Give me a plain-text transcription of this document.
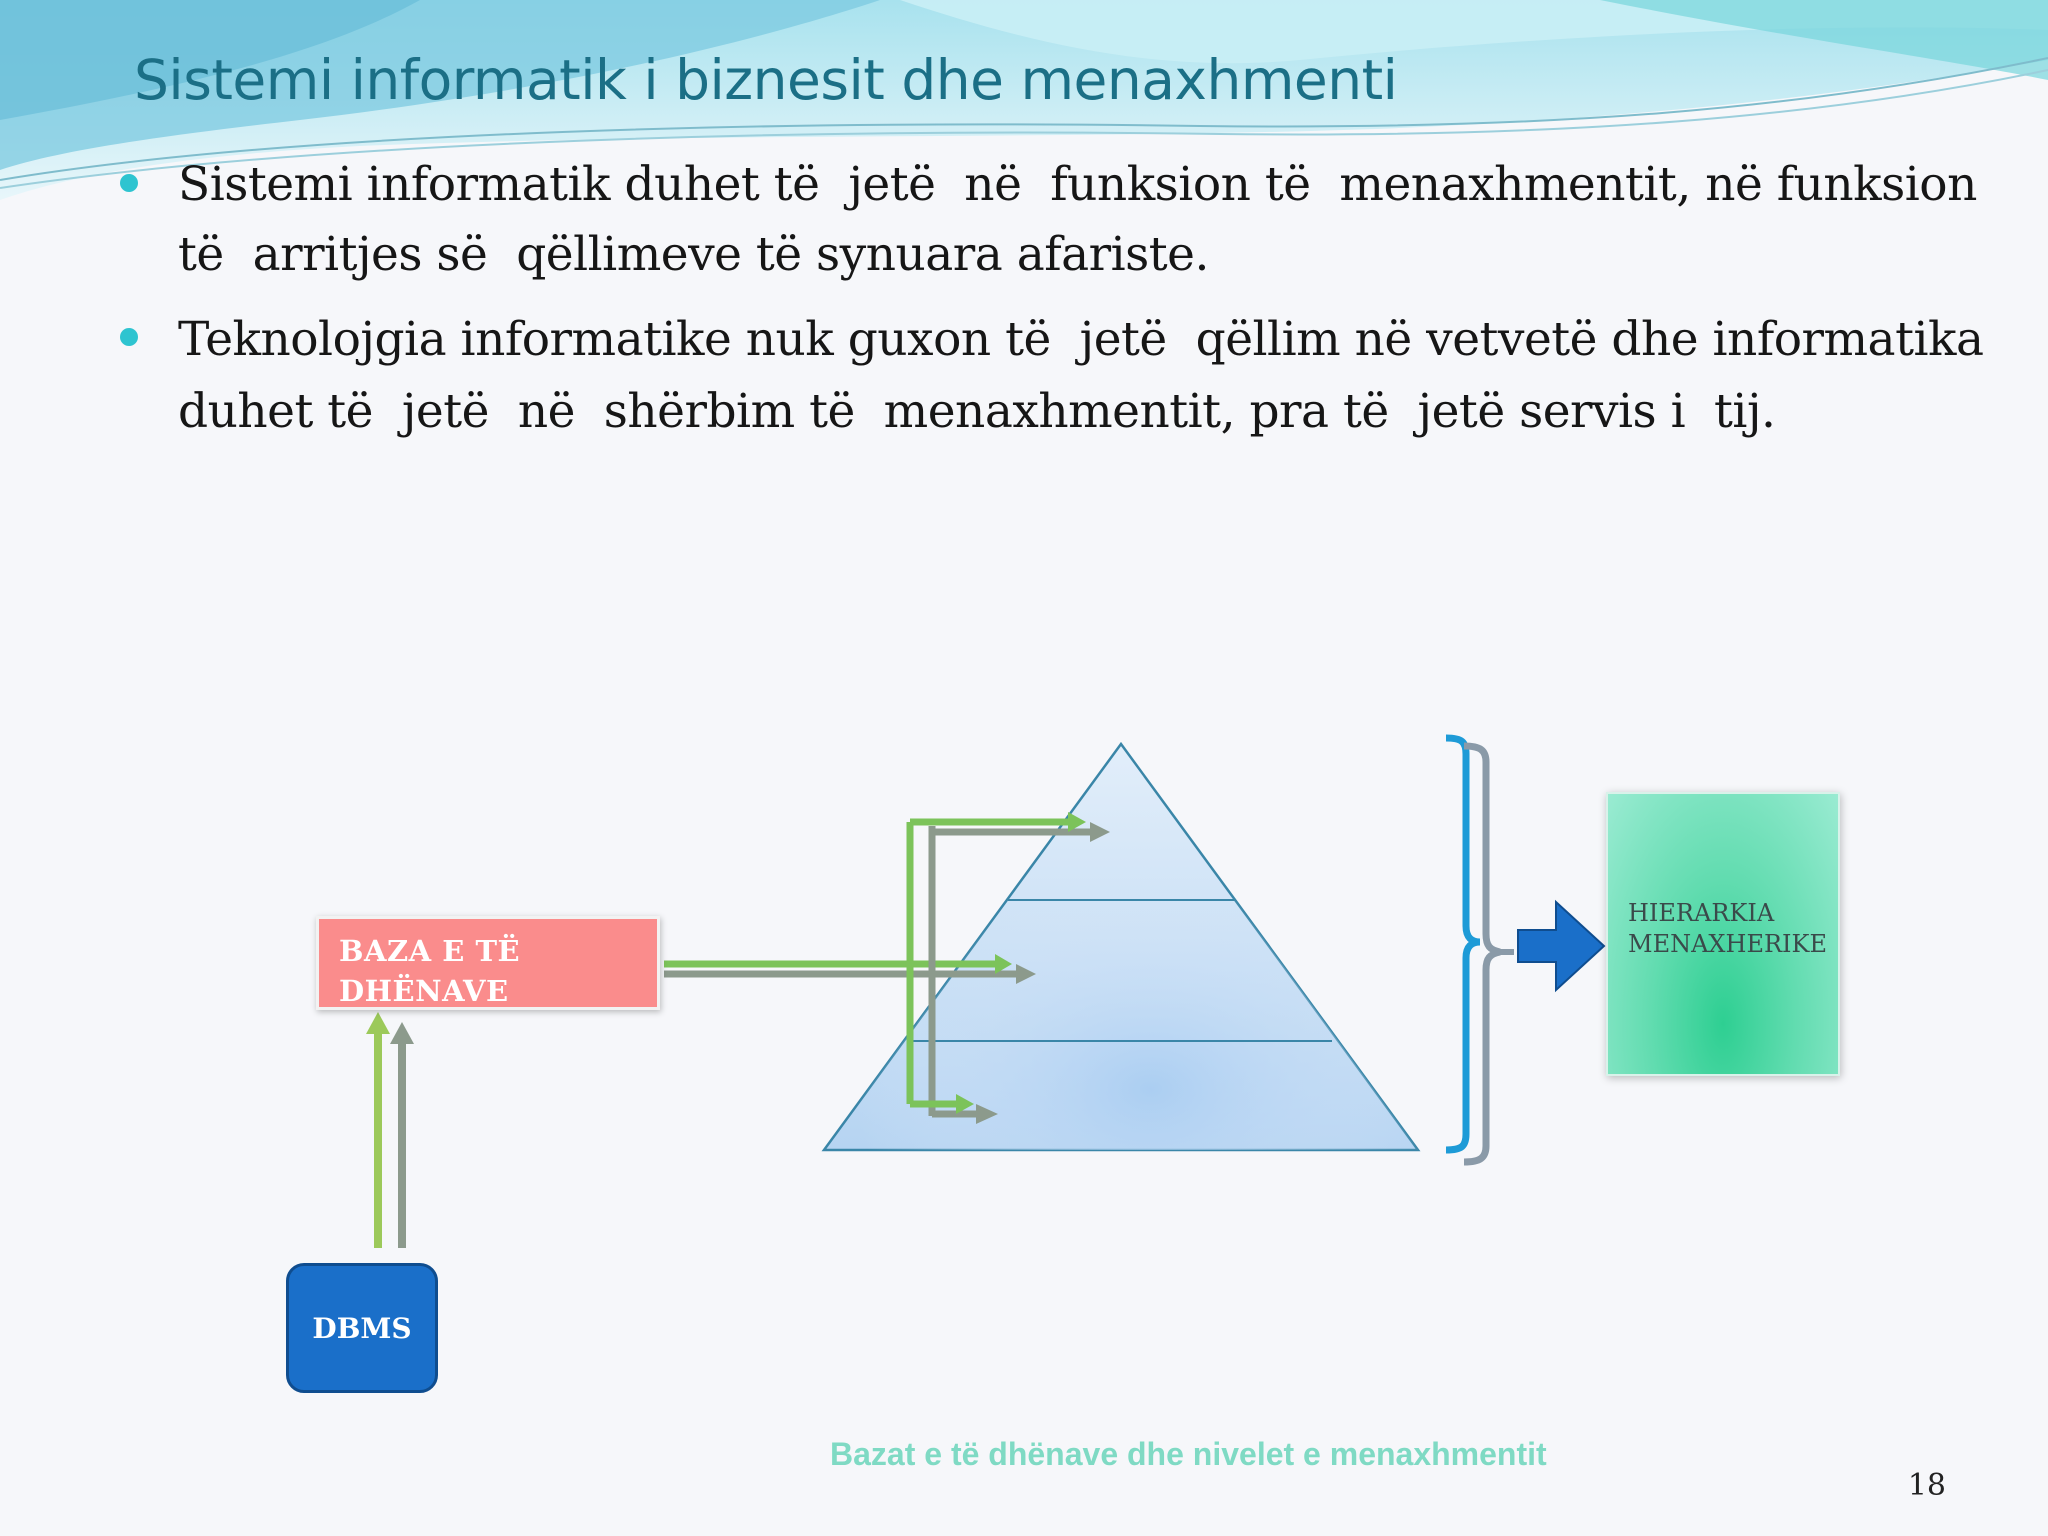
Sistemi informatik i biznesit dhe menaxhmenti
Sistemi informatik duhet të  jetë  në  funksion të  menaxhmentit, në funksion të  arritjes së  qëllimeve të synuara afariste.
Teknolojgia informatike nuk guxon të  jetë  qëllim në vetvetë dhe informatika duhet të  jetë  në  shërbim të  menaxhmentit, pra të  jetë servis i  tij.
BAZA E TË
DHËNAVE
DBMS
HIERARKIA
MENAXHERIKE
Bazat e të dhënave dhe nivelet e menaxhmentit
18
